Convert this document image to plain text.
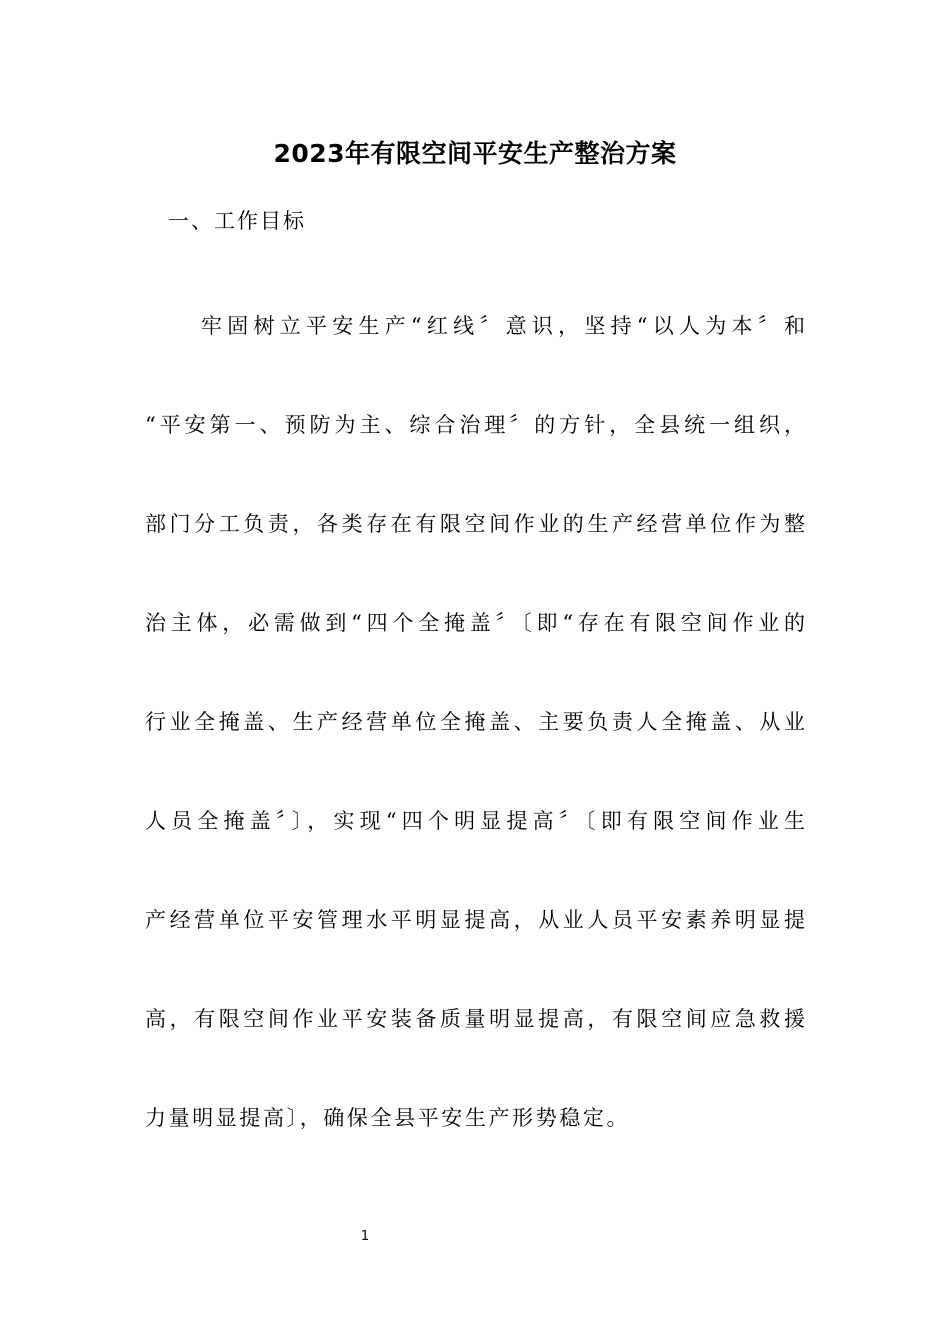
2023年有限空间平安生产整治方案
一、工作目标
牢固树立平安生产“红线〞意识，坚持“以人为本〞和
“平安第一、预防为主、综合治理〞的方针，全县统一组织，
部门分工负责，各类存在有限空间作业的生产经营单位作为整
治主体，必需做到“四个全掩盖〞〔即“存在有限空间作业的
行业全掩盖、生产经营单位全掩盖、主要负责人全掩盖、从业
人员全掩盖〞〕，实现“四个明显提高〞〔即有限空间作业生
产经营单位平安管理水平明显提高，从业人员平安素养明显提
高，有限空间作业平安装备质量明显提高，有限空间应急救援
力量明显提高〕，确保全县平安生产形势稳定。
1
